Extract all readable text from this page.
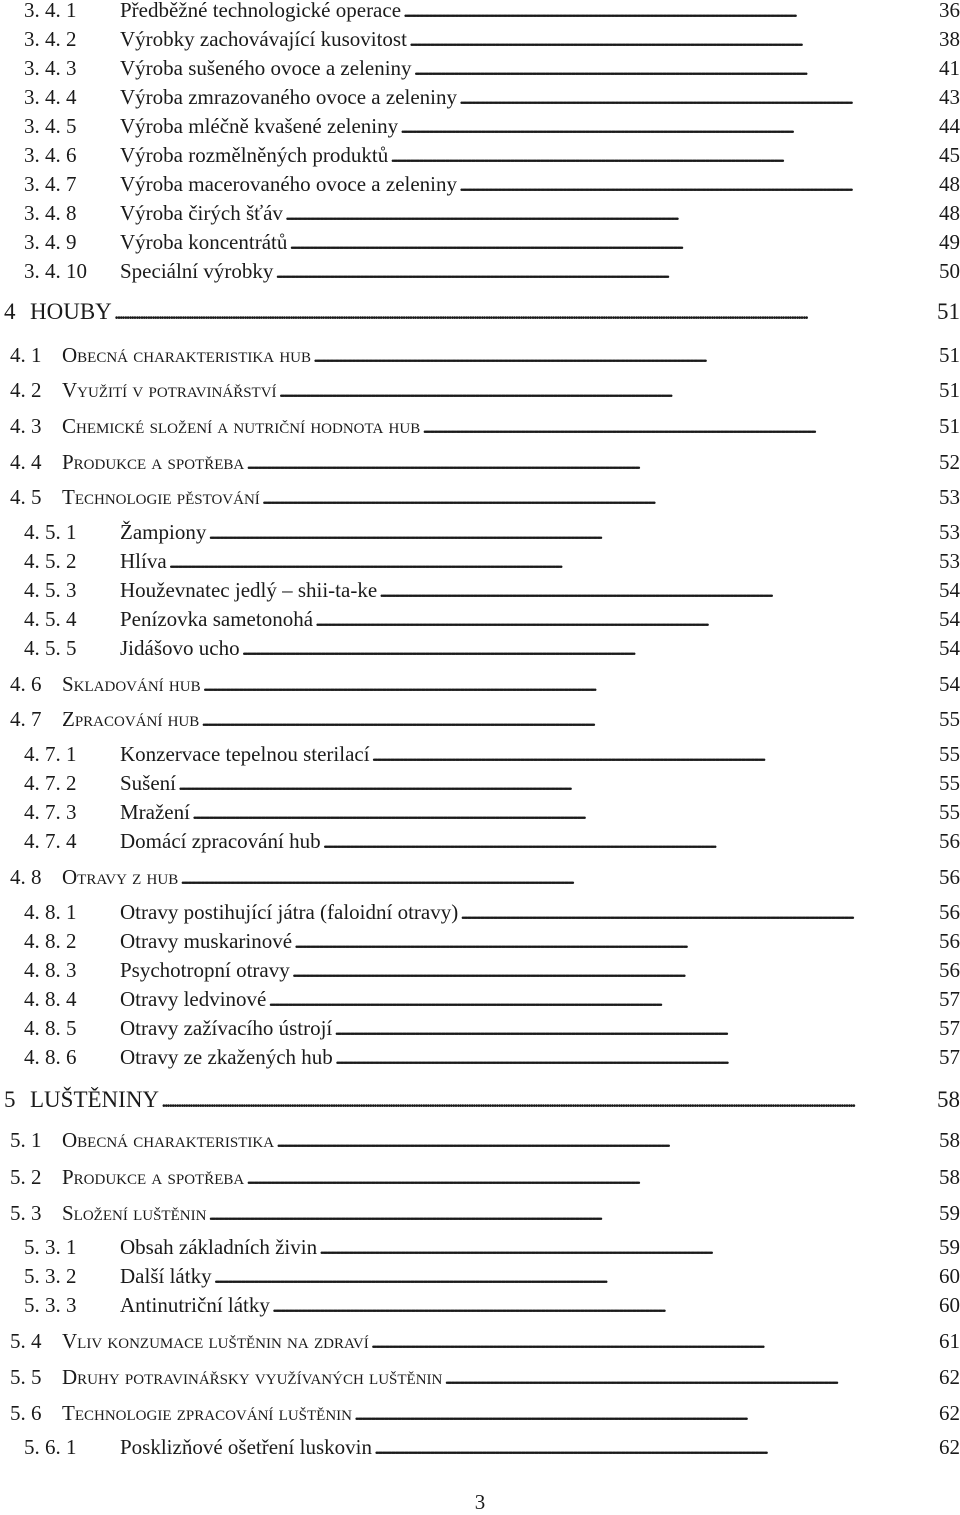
3. 4. 1 Předběžné technologické operace . . .	36
3. 4. 2 Výrobky zachovávající kusovitost . . .	38
3. 4. 3 Výroba sušeného ovoce a zeleniny . . .	41
3. 4. 4 Výroba zmrazovaného ovoce a zeleniny . . .	43
3. 4. 5 Výroba mléčně kvašené zeleniny . . .	44
3. 4. 6 Výroba rozmělněných produktů . . .	45
3. 4. 7 Výroba macerovaného ovoce a zeleniny . . .	48
3. 4. 8 Výroba čirých šťáv . . .	48
3. 4. 9 Výroba koncentrátů . . .	49
3. 4. 10 Speciální výrobky . . .	50
4 HOUBY . . .	51
4. 1 Obecná charakteristika hub . . .	51
4. 2 Využití v potravinářství . . .	51
4. 3 Chemické složení a nutriční hodnota hub . . .	51
4. 4 Produkce a spotřeba . . .	52
4. 5 Technologie pěstování . . .	53
4. 5. 1 Žampiony . . .	53
4. 5. 2 Hlíva . . .	53
4. 5. 3 Houževnatec jedlý – shii-ta-ke . . .	54
4. 5. 4 Penízovka sametonohá . . .	54
4. 5. 5 Jidášovo ucho . . .	54
4. 6 Skladování hub . . .	54
4. 7 Zpracování hub . . .	55
4. 7. 1 Konzervace tepelnou sterilací . . .	55
4. 7. 2 Sušení . . .	55
4. 7. 3 Mražení . . .	55
4. 7. 4 Domácí zpracování hub . . .	56
4. 8 Otravy z hub . . .	56
4. 8. 1 Otravy postihující játra (faloidní otravy) . . .	56
4. 8. 2 Otravy muskarinové . . .	56
4. 8. 3 Psychotropní otravy . . .	56
4. 8. 4 Otravy ledvinové . . .	57
4. 8. 5 Otravy zažívacího ústrojí . . .	57
4. 8. 6 Otravy ze zkažených hub . . .	57
5 LUŠTĚNINY . . .	58
5. 1 Obecná charakteristika . . .	58
5. 2 Produkce a spotřeba . . .	58
5. 3 Složení luštěnin . . .	59
5. 3. 1 Obsah základních živin . . .	59
5. 3. 2 Další látky . . .	60
5. 3. 3 Antinutriční látky . . .	60
5. 4 Vliv konzumace luštěnin na zdraví . . .	61
5. 5 Druhy potravinářsky využívaných luštěnin . . .	62
5. 6 Technologie zpracování luštěnin . . .	62
5. 6. 1 Posklizňové ošetření luskovin . . .	62
3
